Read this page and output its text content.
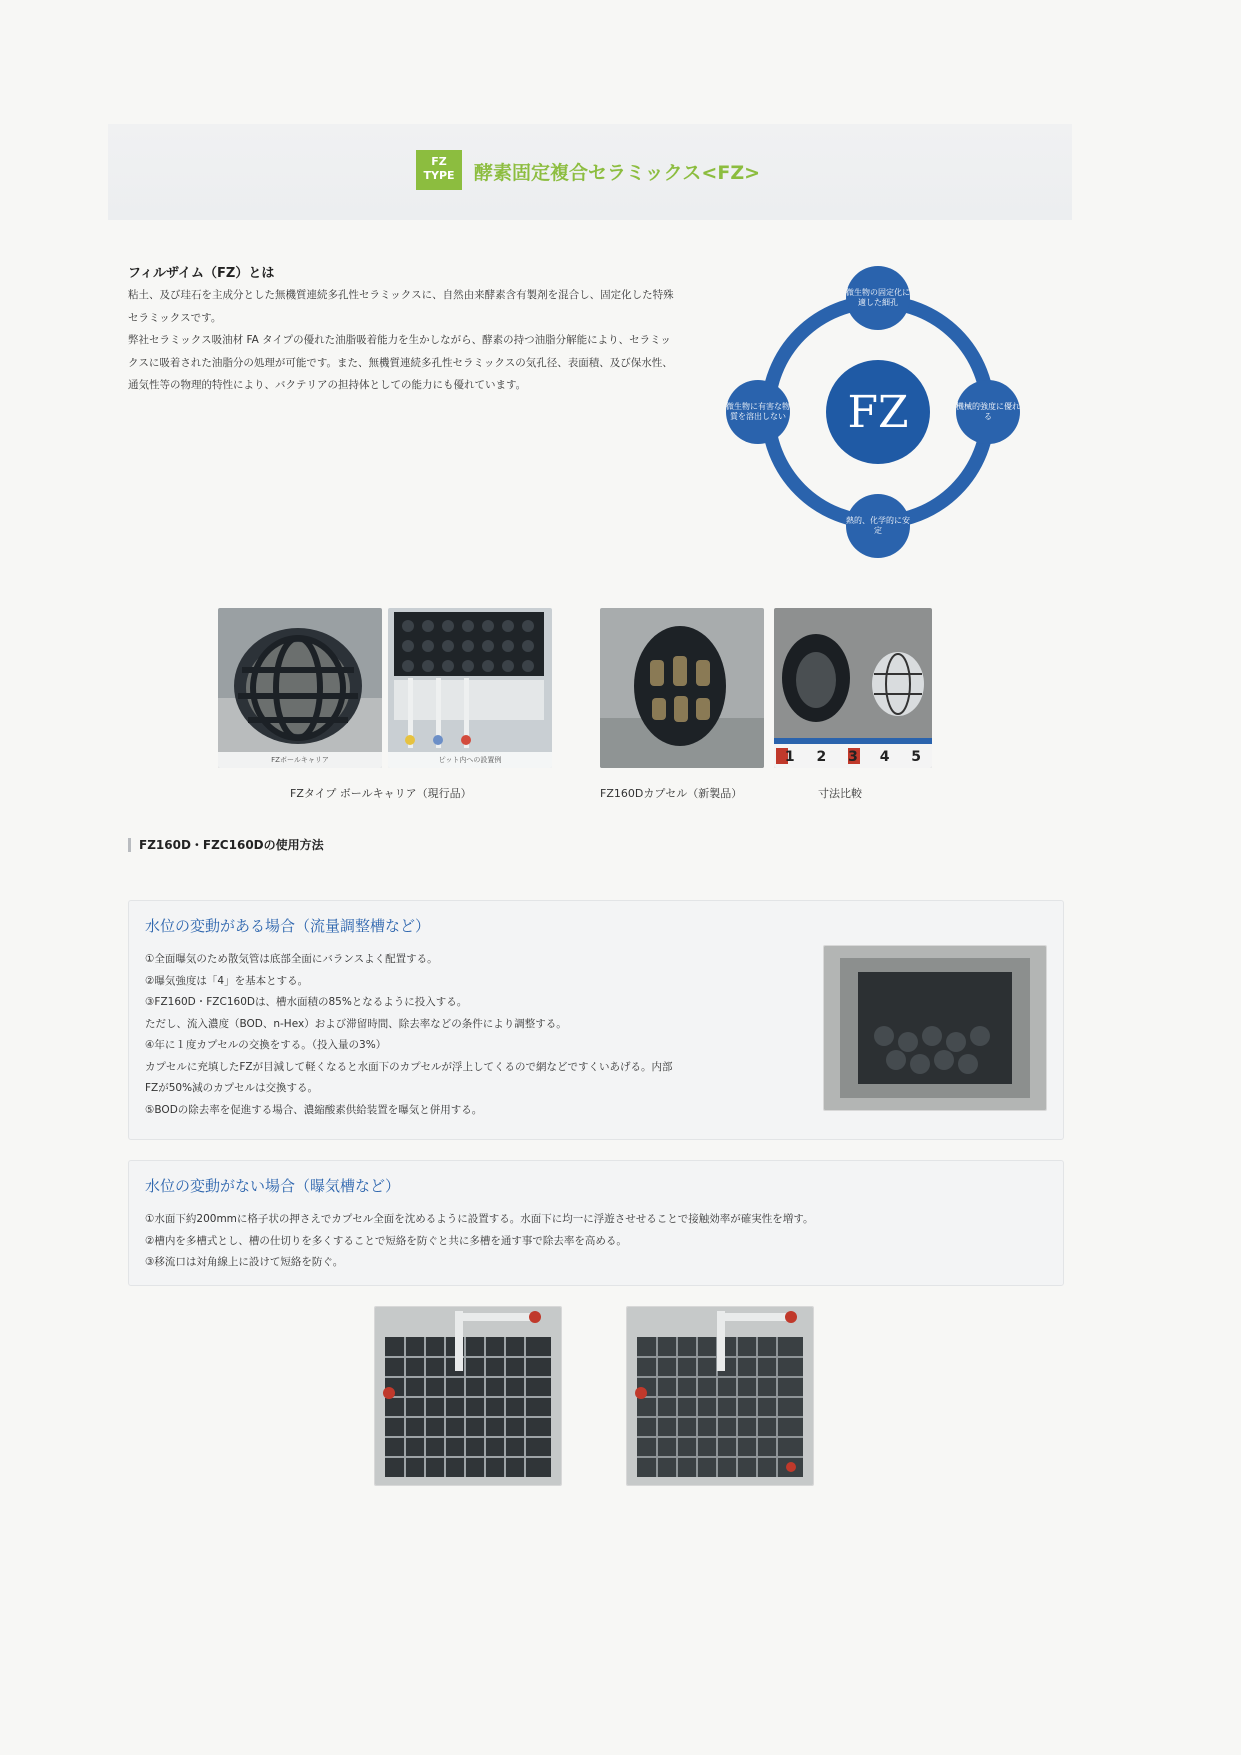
FZ
TYPE	酵素固定複合セラミックス<FZ>
フィルザイム（FZ）とは

粘土、及び珪石を主成分とした無機質連続多孔性セラミックスに、自然由来酵素含有製剤を混合し、固定化した特殊セラミックスです。

弊社セラミックス吸油材 FA タイプの優れた油脂吸着能力を生かしながら、酵素の持つ油脂分解能により、セラミックスに吸着された油脂分の処理が可能です。また、無機質連続多孔性セラミックスの気孔径、表面積、及び保水性、通気性等の物理的特性により、バクテリアの担持体としての能力にも優れています。

FZ
微生物の固定化に適した細孔
機械的強度に優れる
熱的、化学的に安定
微生物に有害な物質を溶出しない
FZボールキャリア	ピット内への設置例
FZタイプ ボールキャリア（現行品）
1 2 3 4 5
FZ160Dカプセル（新製品）	寸法比較
FZ160D・FZC160Dの使用方法
水位の変動がある場合（流量調整槽など）
①全面曝気のため散気管は底部全面にバランスよく配置する。
②曝気強度は「4」を基本とする。
③FZ160D・FZC160Dは、槽水面積の85%となるように投入する。
ただし、流入濃度（BOD、n-Hex）および滞留時間、除去率などの条件により調整する。
④年に１度カプセルの交換をする。（投入量の3%）
カプセルに充填したFZが目減して軽くなると水面下のカプセルが浮上してくるので網などですくいあげる。内部
FZが50%減のカプセルは交換する。
⑤BODの除去率を促進する場合、濃縮酸素供給装置を曝気と併用する。
水位の変動がない場合（曝気槽など）
①水面下約200mmに格子状の押さえでカプセル全面を沈めるように設置する。水面下に均一に浮遊させせることで接触効率が確実性を増す。
②槽内を多槽式とし、槽の仕切りを多くすることで短絡を防ぐと共に多槽を通す事で除去率を高める。
③移流口は対角線上に設けて短絡を防ぐ。
